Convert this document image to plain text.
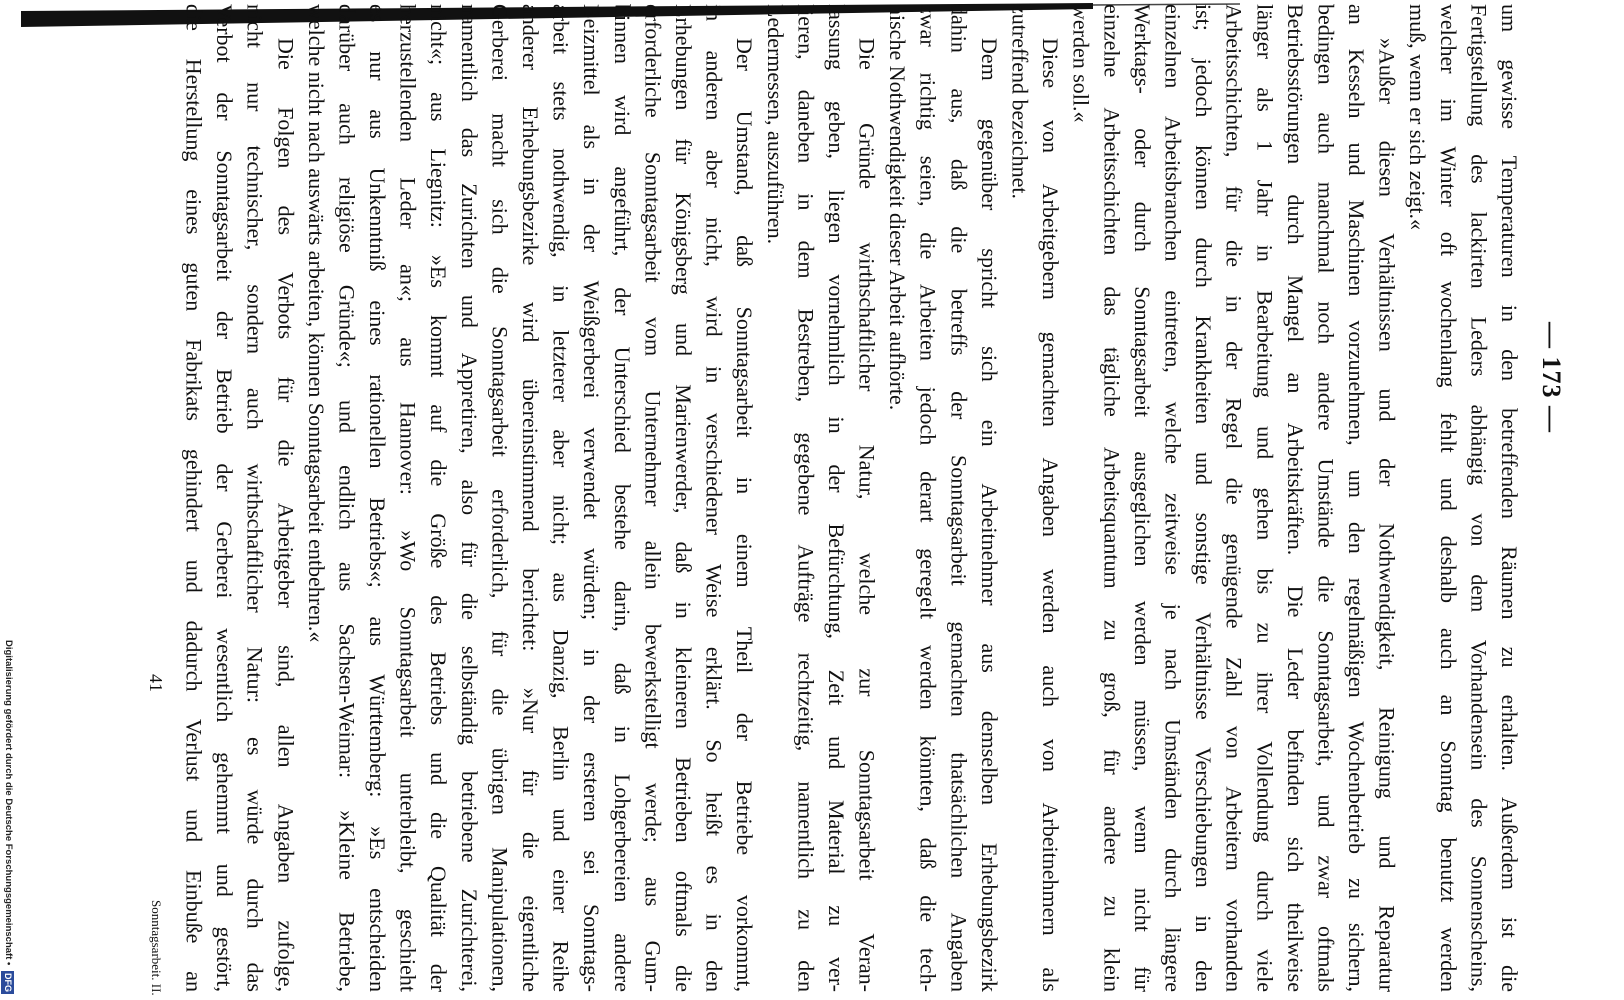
— 173 —
um gewisse Temperaturen in den betreffenden Räumen zu erhalten. Außerdem ist die
Fertigstellung des lackirten Leders abhängig von dem Vorhandensein des Sonnenscheins,
welcher im Winter oft wochenlang fehlt und deshalb auch an Sonntag benutzt werden
muß, wenn er sich zeigt.«
»Außer diesen Verhältnissen und der Nothwendigkeit, Reinigung und Reparatur
an Kesseln und Maschinen vorzunehmen, um den regelmäßigen Wochenbetrieb zu sichern,
bedingen auch manchmal noch andere Umstände die Sonntagsarbeit, und zwar oftmals
Betriebsstörungen durch Mangel an Arbeitskräften. Die Leder befinden sich theilweise
länger als 1 Jahr in Bearbeitung und gehen bis zu ihrer Vollendung durch viele
Arbeitsschichten, für die in der Regel die genügende Zahl von Arbeitern vorhanden
ist; jedoch können durch Krankheiten und sonstige Verhältnisse Verschiebungen in den
einzelnen Arbeitsbranchen eintreten, welche zeitweise je nach Umständen durch längere
Werktags- oder durch Sonntagsarbeit ausgeglichen werden müssen, wenn nicht für
einzelne Arbeitsschichten das tägliche Arbeitsquantum zu groß, für andere zu klein
werden soll.«
Diese von Arbeitgebern gemachten Angaben werden auch von Arbeitnehmern als
zutreffend bezeichnet.
Dem gegenüber spricht sich ein Arbeitnehmer aus demselben Erhebungsbezirk
dahin aus, daß die betreffs der Sonntagsarbeit gemachten thatsächlichen Angaben
zwar richtig seien, die Arbeiten jedoch derart geregelt werden könnten, daß die tech-
nische Nothwendigkeit dieser Arbeit aufhörte.
Die Gründe wirthschaftlicher Natur, welche zur Sonntagsarbeit Veran-
lassung geben, liegen vornehmlich in der Befürchtung, Zeit und Material zu ver-
lieren, daneben in dem Bestreben, gegebene Aufträge rechtzeitig, namentlich zu den
Ledermessen, auszuführen.
Der Umstand, daß Sonntagsarbeit in einem Theil der Betriebe vorkommt,
in anderen aber nicht, wird in verschiedener Weise erklärt. So heißt es in den
Erhebungen für Königsberg und Marienwerder, daß in kleineren Betrieben oftmals die
erforderliche Sonntagsarbeit vom Unternehmer allein bewerkstelligt werde; aus Gum-
binnen wird angeführt, der Unterschied bestehe darin, daß in Lohgerbereien andere
Beizmittel als in der Weißgerberei verwendet würden; in der ersteren sei Sonntags-
arbeit stets nothwendig, in letzterer aber nicht; aus Danzig, Berlin und einer Reihe
anderer Erhebungsbezirke wird übereinstimmend berichtet: »Nur für die eigentliche
Gerberei macht sich die Sonntagsarbeit erforderlich, für die übrigen Manipulationen,
namentlich das Zurichten und Appretiren, also für die selbständig betriebene Zurichterei,
nicht«; aus Liegnitz: »Es kommt auf die Größe des Betriebs und die Qualität der
herzustellenden Leder an«; aus Hannover: »Wo Sonntagsarbeit unterbleibt, geschieht
es nur aus Unkenntniß eines rationellen Betriebs«; aus Württemberg: »Es entscheiden
darüber auch religiöse Gründe«; und endlich aus Sachsen-Weimar: »Kleine Betriebe,
welche nicht nach auswärts arbeiten, können Sonntagsarbeit entbehren.«
Die Folgen des Verbots für die Arbeitgeber sind, allen Angaben zufolge,
nicht nur technischer, sondern auch wirthschaftlicher Natur: es würde durch das
Verbot der Sonntagsarbeit der Betrieb der Gerberei wesentlich gehemmt und gestört,
die Herstellung eines guten Fabrikats gehindert und dadurch Verlust und Einbuße an
41
Sonntagsarbeit. II.
Digitalisierung gefördert durch die Deutsche Forschungsgemeinschaft • DFG
